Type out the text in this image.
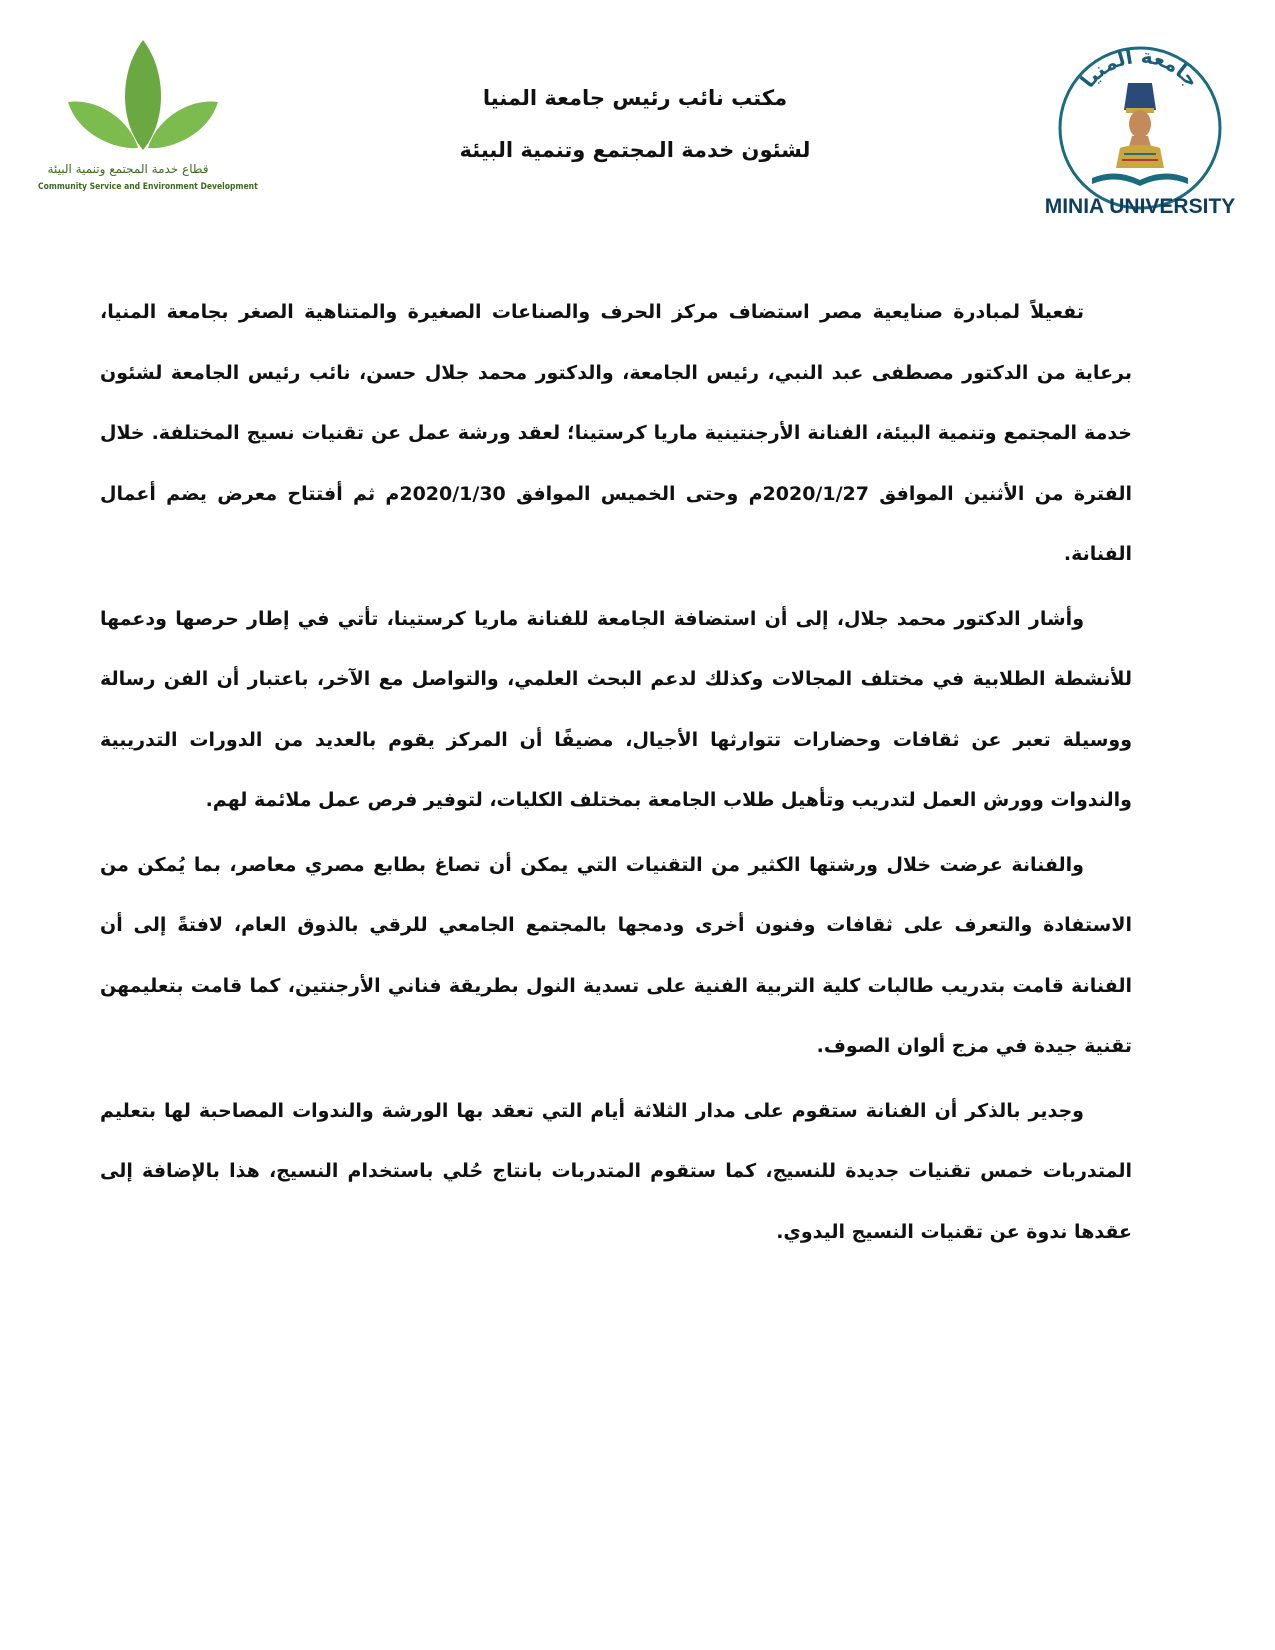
قطاع خدمة المجتمع وتنمية البيئة
Community Service and Environment Development
مكتب نائب رئيس جامعة المنيا
لشئون خدمة المجتمع وتنمية البيئة
جامعة المنيا
MINIA UNIVERSITY

تفعيلاً لمبادرة صنايعية مصر استضاف مركز الحرف والصناعات الصغيرة والمتناهية الصغر بجامعة المنيا، برعاية من الدكتور مصطفى عبد النبي، رئيس الجامعة، والدكتور محمد جلال حسن، نائب رئيس الجامعة لشئون خدمة المجتمع وتنمية البيئة، الفنانة الأرجنتينية ماريا كرستينا؛ لعقد ورشة عمل عن تقنيات نسيج المختلفة. خلال الفترة من الأثنين الموافق 2020/1/27م وحتى الخميس الموافق 2020/1/30م ثم أفتتاح معرض يضم أعمال الفنانة.

وأشار الدكتور محمد جلال، إلى أن استضافة الجامعة للفنانة ماريا كرستينا، تأتي في إطار حرصها ودعمها للأنشطة الطلابية في مختلف المجالات وكذلك لدعم البحث العلمي، والتواصل مع الآخر، باعتبار أن الفن رسالة ووسيلة تعبر عن ثقافات وحضارات تتوارثها الأجيال، مضيفًا أن المركز يقوم بالعديد من الدورات التدريبية والندوات وورش العمل لتدريب وتأهيل طلاب الجامعة بمختلف الكليات، لتوفير فرص عمل ملائمة لهم.

والفنانة عرضت خلال ورشتها الكثير من التقنيات التي يمكن أن تصاغ بطابع مصري معاصر، بما يُمكن من الاستفادة والتعرف على ثقافات وفنون أخرى ودمجها بالمجتمع الجامعي للرقي بالذوق العام، لافتةً إلى أن الفنانة قامت بتدريب طالبات كلية التربية الفنية على تسدية النول بطريقة فناني الأرجنتين، كما قامت بتعليمهن تقنية جيدة في مزج ألوان الصوف.

وجدير بالذكر أن الفنانة ستقوم على مدار الثلاثة أيام التي تعقد بها الورشة والندوات المصاحبة لها بتعليم المتدربات خمس تقنيات جديدة للنسيج، كما ستقوم المتدربات بانتاج حُلي باستخدام النسيج، هذا بالإضافة إلى عقدها ندوة عن تقنيات النسيج اليدوي.
